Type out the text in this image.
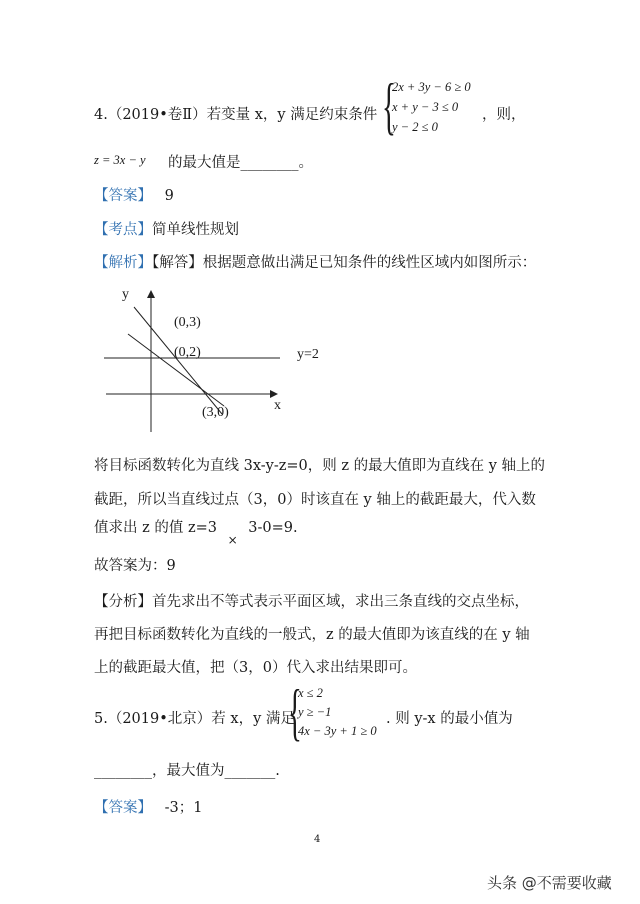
4.（2019•卷Ⅱ）若变量 x，y 满足约束条件 {
2x + 3y − 6 ≥ 0
x + y − 3 ≤ 0
y − 2 ≤ 0
，则，
z = 3x − y 的最大值是________。
【答案】 9
【考点】简单线性规划
【解析】【解答】根据题意做出满足已知条件的线性区域内如图所示：
y
x
(0,3)
(0,2)
(3,0)
y=2
将目标函数转化为直线 3x-y-z=0，则 z 的最大值即为直线在 y 轴上的
截距，所以当直线过点（3，0）时该直在 y 轴上的截距最大，代入数
值求出 z 的值 z=3 $_\times$ 3-0=9.
故答案为：9
【分析】首先求出不等式表示平面区域，求出三条直线的交点坐标，
再把目标函数转化为直线的一般式，z 的最大值即为该直线的在 y 轴
上的截距最大值，把（3，0）代入求出结果即可。
5.（2019•北京）若 x，y 满足
{
x ≤ 2
y ≥ −1
4x − 3y + 1 ≥ 0
. 则 y-x 的最小值为
________，最大值为_______.
【答案】 -3；1
4
头条 @不需要收藏
